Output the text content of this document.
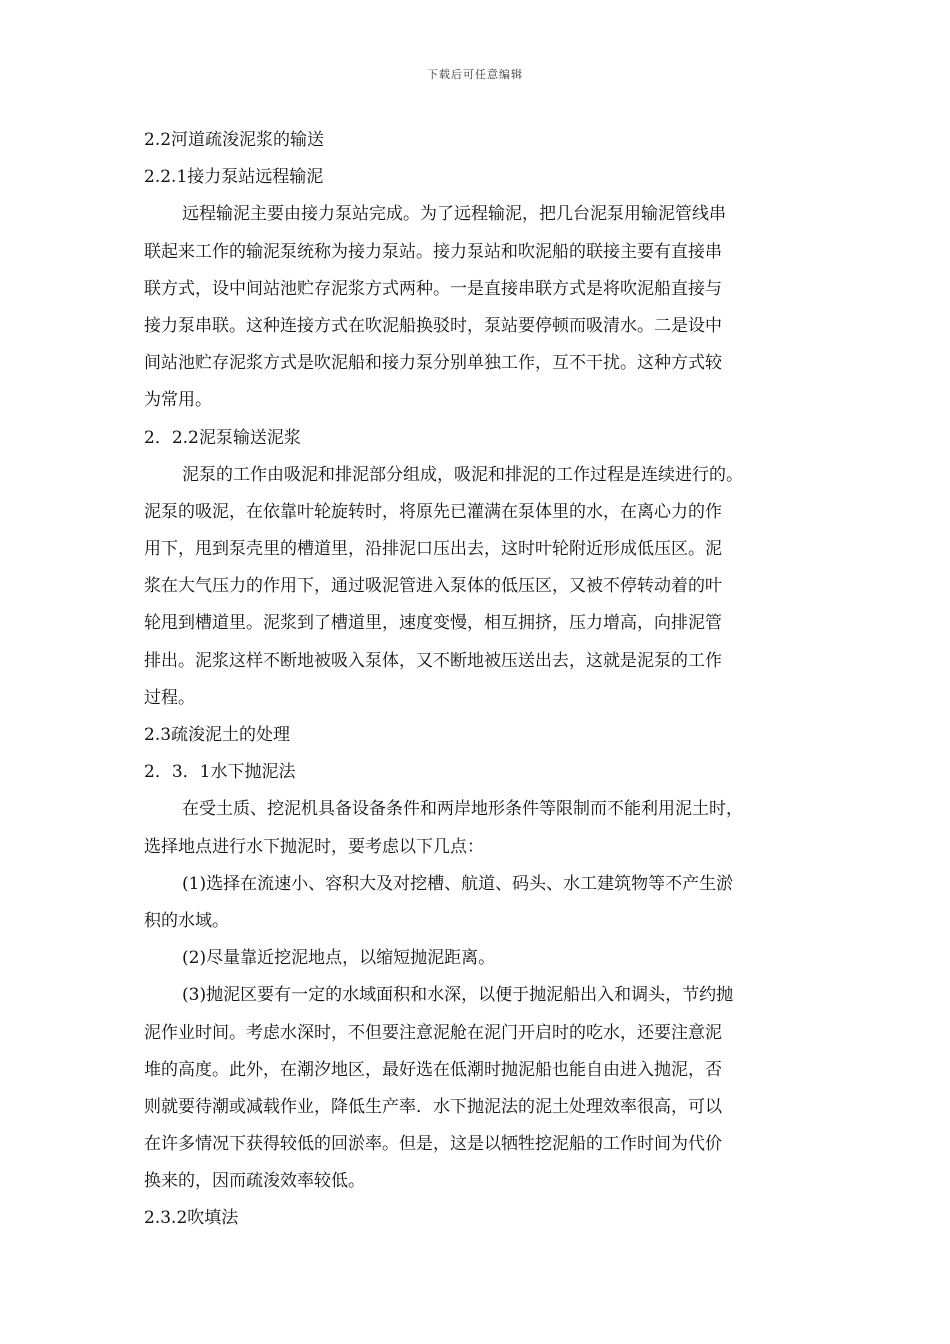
下载后可任意编辑
2.2河道疏浚泥浆的输送
2.2.1接力泵站远程输泥
远程输泥主要由接力泵站完成。为了远程输泥，把几台泥泵用输泥管线串
联起来工作的输泥泵统称为接力泵站。接力泵站和吹泥船的联接主要有直接串
联方式，设中间站池贮存泥浆方式两种。一是直接串联方式是将吹泥船直接与
接力泵串联。这种连接方式在吹泥船换驳时，泵站要停顿而吸清水。二是设中
间站池贮存泥浆方式是吹泥船和接力泵分别单独工作，互不干扰。这种方式较
为常用。
2．2.2泥泵输送泥浆
泥泵的工作由吸泥和排泥部分组成，吸泥和排泥的工作过程是连续进行的。
泥泵的吸泥，在依靠叶轮旋转时，将原先已灌满在泵体里的水，在离心力的作
用下，甩到泵壳里的槽道里，沿排泥口压出去，这时叶轮附近形成低压区。泥
浆在大气压力的作用下，通过吸泥管进入泵体的低压区，又被不停转动着的叶
轮甩到槽道里。泥浆到了槽道里，速度变慢，相互拥挤，压力增高，向排泥管
排出。泥浆这样不断地被吸入泵体，又不断地被压送出去，这就是泥泵的工作
过程。
2.3疏浚泥土的处理
2．3．1水下抛泥法
在受土质、挖泥机具备设备条件和两岸地形条件等限制而不能利用泥土时，
选择地点进行水下抛泥时，要考虑以下几点：
(1)选择在流速小、容积大及对挖槽、航道、码头、水工建筑物等不产生淤
积的水域。
(2)尽量靠近挖泥地点，以缩短抛泥距离。
(3)抛泥区要有一定的水域面积和水深，以便于抛泥船出入和调头，节约抛
泥作业时间。考虑水深时，不但要注意泥舱在泥门开启时的吃水，还要注意泥
堆的高度。此外，在潮汐地区，最好选在低潮时抛泥船也能自由进入抛泥，否
则就要待潮或减载作业，降低生产率．水下抛泥法的泥土处理效率很高，可以
在许多情况下获得较低的回淤率。但是，这是以牺牲挖泥船的工作时间为代价
换来的，因而疏浚效率较低。
2.3.2吹填法
